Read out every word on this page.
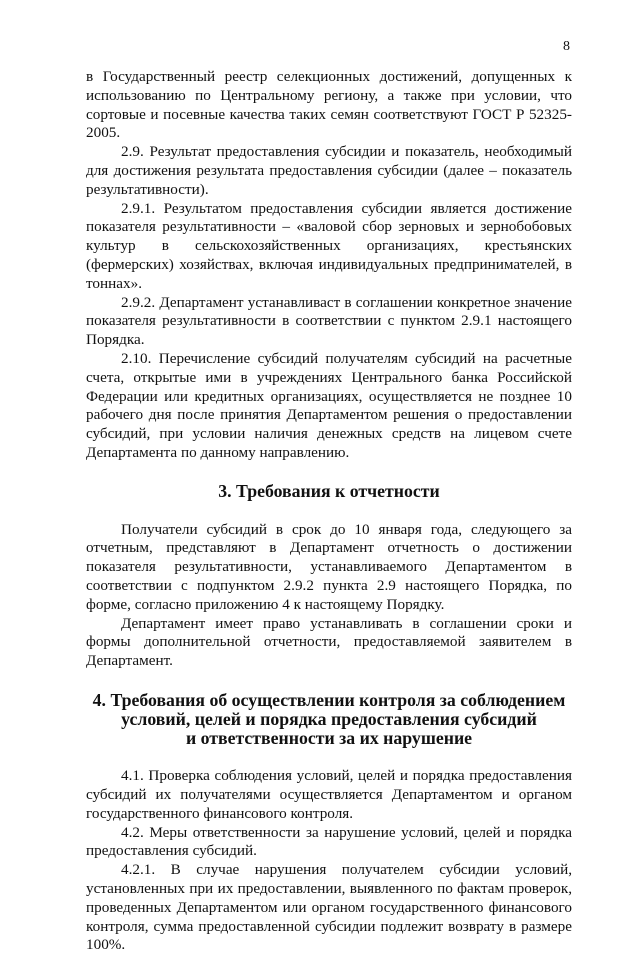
8

в Государственный реестр селекционных достижений, допущенных к использованию по Центральному региону, а также при условии, что сортовые и посевные качества таких семян соответствуют ГОСТ Р 52325-2005.

2.9. Результат предоставления субсидии и показатель, необходимый для достижения результата предоставления субсидии (далее – показатель результативности).

2.9.1. Результатом предоставления субсидии является достижение показателя результативности – «валовой сбор зерновых и зернобобовых культур в сельскохозяйственных организациях, крестьянских (фермерских) хозяйствах, включая индивидуальных предпринимателей, в тоннах».

2.9.2. Департамент устанавливаст в соглашении конкретное значение показателя результативности в соответствии с пунктом 2.9.1 настоящего Порядка.

2.10. Перечисление субсидий получателям субсидий на расчетные счета, открытые ими в учреждениях Центрального банка Российской Федерации или кредитных организациях, осуществляется не позднее 10 рабочего дня после принятия Департаментом решения о предоставлении субсидий, при условии наличия денежных средств на лицевом счете Департамента по данному направлению.

3. Требования к отчетности

Получатели субсидий в срок до 10 января года, следующего за отчетным, представляют в Департамент отчетность о достижении показателя результативности, устанавливаемого Департаментом в соответствии с подпунктом 2.9.2 пункта 2.9 настоящего Порядка, по форме, согласно приложению 4 к настоящему Порядку.

Департамент имеет право устанавливать в соглашении сроки и формы дополнительной отчетности, предоставляемой заявителем в Департамент.

4. Требования об осуществлении контроля за соблюдением
условий, целей и порядка предоставления субсидий
и ответственности за их нарушение

4.1. Проверка соблюдения условий, целей и порядка предоставления субсидий их получателями осуществляется Департаментом и органом государственного финансового контроля.

4.2. Меры ответственности за нарушение условий, целей и порядка предоставления субсидий.

4.2.1. В случае нарушения получателем субсидии условий, установленных при их предоставлении, выявленного по фактам проверок, проведенных Департаментом или органом государственного финансового контроля, сумма предоставленной субсидии подлежит возврату в размере 100%.
